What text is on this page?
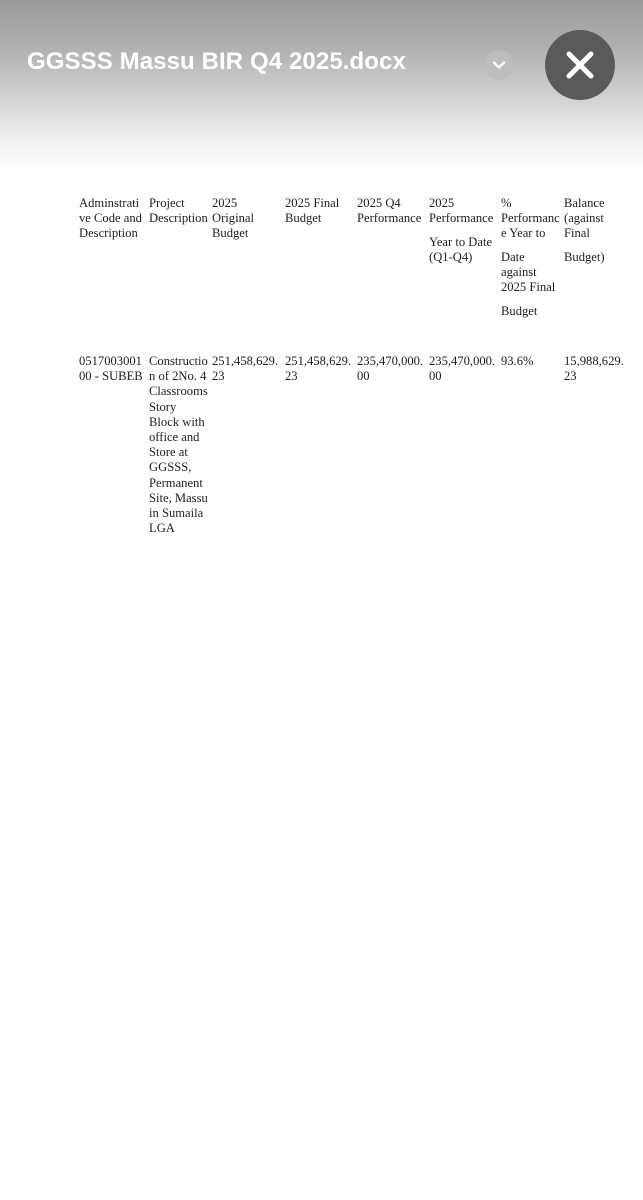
Adminstrati
ve Code and
Description
Project
Description
2025
Original
Budget
2025 Final
Budget
2025 Q4
Performance
2025
Performance
Year to Date
(Q1-Q4)
%
Performanc
e Year to
Date
against
2025 Final
Budget
Balance
(against
Final
Budget)
0517003001
00 - SUBEB
Constructio
n of 2No. 4
Classrooms
Story
Block with
office and
Store at
GGSSS,
Permanent
Site, Massu
in Sumaila
LGA
251,458,629.
23
251,458,629.
23
235,470,000.
00
235,470,000.
00
93.6% 15,988,629.
23
GGSSS Massu BIR Q4 2025.docx
